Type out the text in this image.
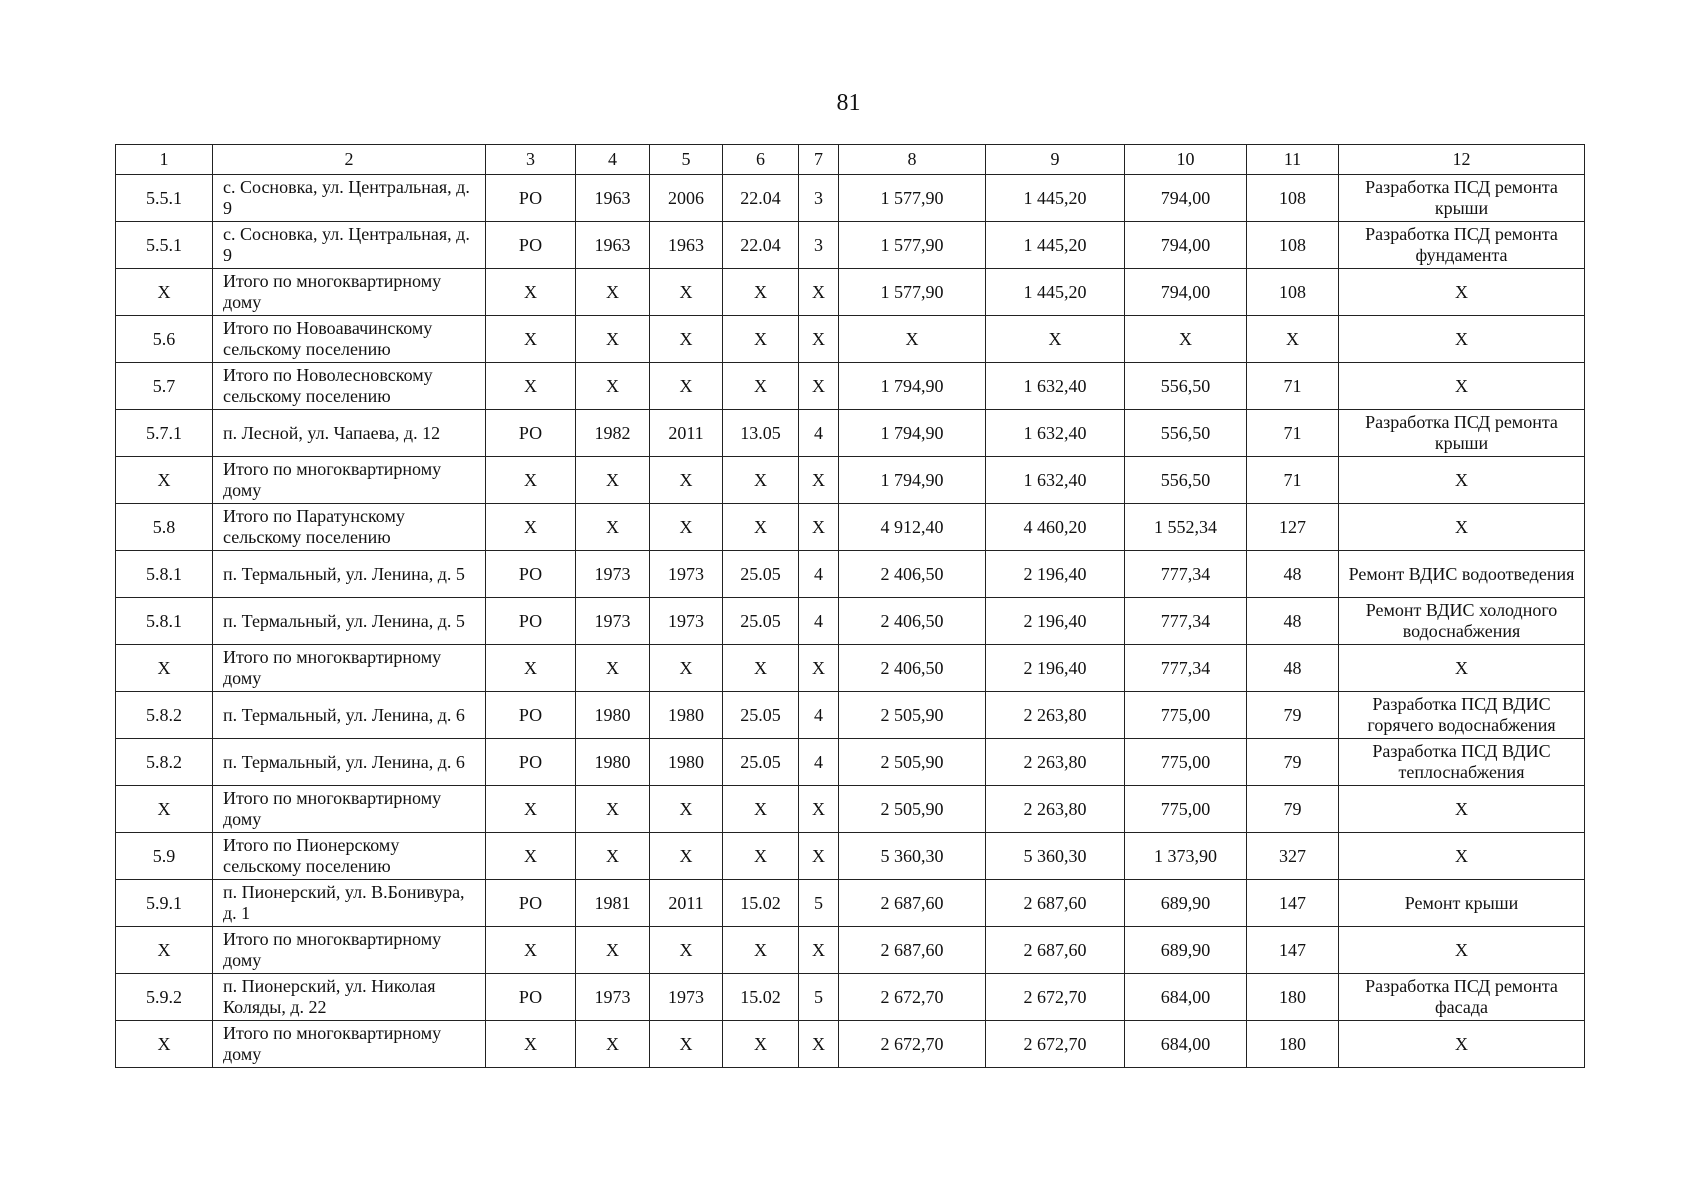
81
1	2	3	4	5	6	7	8	9	10	11	12
5.5.1	с. Сосновка, ул. Центральная, д. 9	РО	1963	2006	22.04	3	1 577,90	1 445,20	794,00	108	Разработка ПСД ремонта крыши
5.5.1	с. Сосновка, ул. Центральная, д. 9	РО	1963	1963	22.04	3	1 577,90	1 445,20	794,00	108	Разработка ПСД ремонта фундамента
Х	Итого по многоквартирному дому	Х	Х	Х	Х	Х	1 577,90	1 445,20	794,00	108	Х
5.6	Итого по Новоавачинскому сельскому поселению	Х	Х	Х	Х	Х	Х	Х	Х	Х	Х
5.7	Итого по Новолесновскому сельскому поселению	Х	Х	Х	Х	Х	1 794,90	1 632,40	556,50	71	Х
5.7.1	п. Лесной, ул. Чапаева, д. 12	РО	1982	2011	13.05	4	1 794,90	1 632,40	556,50	71	Разработка ПСД ремонта крыши
Х	Итого по многоквартирному дому	Х	Х	Х	Х	Х	1 794,90	1 632,40	556,50	71	Х
5.8	Итого по Паратунскому сельскому поселению	Х	Х	Х	Х	Х	4 912,40	4 460,20	1 552,34	127	Х
5.8.1	п. Термальный, ул. Ленина, д. 5	РО	1973	1973	25.05	4	2 406,50	2 196,40	777,34	48	Ремонт ВДИС водоотведения
5.8.1	п. Термальный, ул. Ленина, д. 5	РО	1973	1973	25.05	4	2 406,50	2 196,40	777,34	48	Ремонт ВДИС холодного водоснабжения
Х	Итого по многоквартирному дому	Х	Х	Х	Х	Х	2 406,50	2 196,40	777,34	48	Х
5.8.2	п. Термальный, ул. Ленина, д. 6	РО	1980	1980	25.05	4	2 505,90	2 263,80	775,00	79	Разработка ПСД ВДИС горячего водоснабжения
5.8.2	п. Термальный, ул. Ленина, д. 6	РО	1980	1980	25.05	4	2 505,90	2 263,80	775,00	79	Разработка ПСД ВДИС теплоснабжения
Х	Итого по многоквартирному дому	Х	Х	Х	Х	Х	2 505,90	2 263,80	775,00	79	Х
5.9	Итого по Пионерскому сельскому поселению	Х	Х	Х	Х	Х	5 360,30	5 360,30	1 373,90	327	Х
5.9.1	п. Пионерский, ул. В.Бонивура, д. 1	РО	1981	2011	15.02	5	2 687,60	2 687,60	689,90	147	Ремонт крыши
Х	Итого по многоквартирному дому	Х	Х	Х	Х	Х	2 687,60	2 687,60	689,90	147	Х
5.9.2	п. Пионерский, ул. Николая Коляды, д. 22	РО	1973	1973	15.02	5	2 672,70	2 672,70	684,00	180	Разработка ПСД ремонта фасада
Х	Итого по многоквартирному дому	Х	Х	Х	Х	Х	2 672,70	2 672,70	684,00	180	Х
